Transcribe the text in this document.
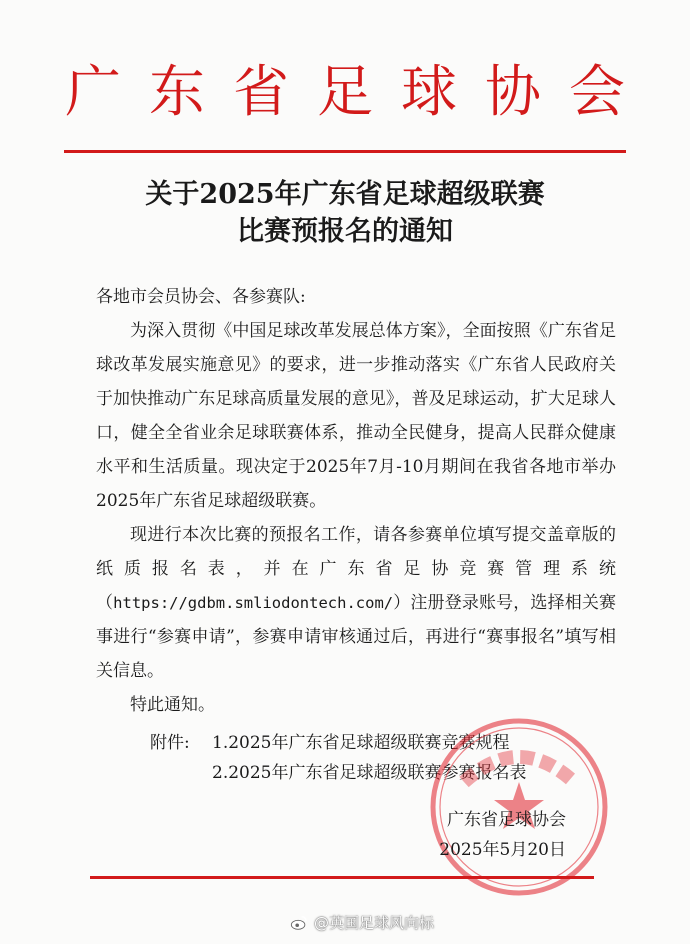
广东省足球协会
关于2025年广东省足球超级联赛
比赛预报名的通知

各地市会员协会、各参赛队:

为深入贯彻《中国足球改革发展总体方案》，全面按照《广东省足球改革发展实施意见》的要求，进一步推动落实《广东省人民政府关于加快推动广东足球高质量发展的意见》，普及足球运动，扩大足球人口，健全全省业余足球联赛体系，推动全民健身，提高人民群众健康水平和生活质量。现决定于2025年7月-10月期间在我省各地市举办2025年广东省足球超级联赛。

现进行本次比赛的预报名工作，请各参赛单位填写提交盖章版的纸质报名表，并在广东省足协竞赛管理系统（https://gdbm.smliodontech.com/）注册登录账号，选择相关赛事进行“参赛申请”，参赛申请审核通过后，再进行“赛事报名”填写相关信息。

特此通知。

附件:	1.2025年广东省足球超级联赛竞赛规程
2.2025年广东省足球超级联赛参赛报名表
广东省足球协会
2025年5月20日
@英国足球风向标
